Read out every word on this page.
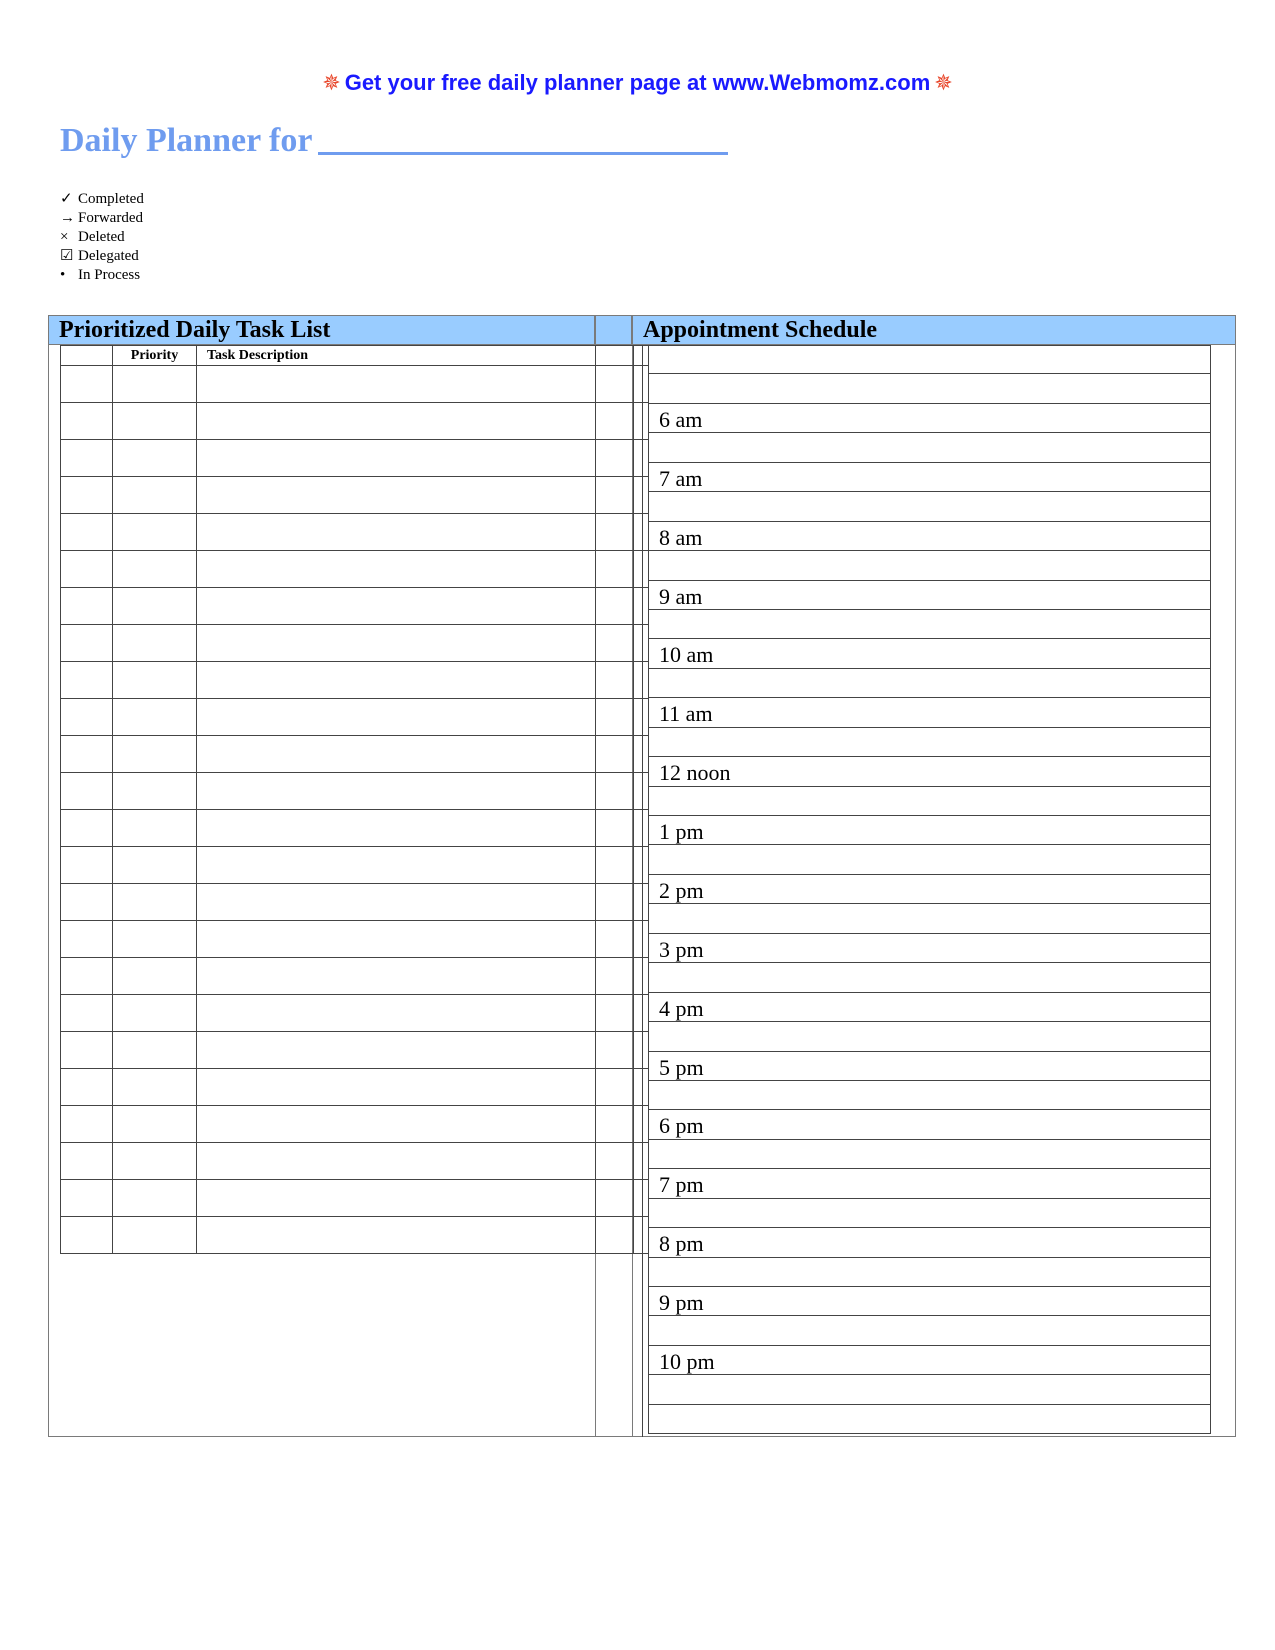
✵ Get your free daily planner page at www.Webmomz.com ✵
Daily Planner for
✓ Completed
→ Forwarded
× Deleted
☑ Delegated
• In Process
Prioritized Daily Task List	Appointment Schedule
	Priority	Task Description		

6 am
7 am
8 am
9 am
10 am
11 am
12 noon
1 pm
2 pm
3 pm
4 pm
5 pm
6 pm
7 pm
8 pm
9 pm
10 pm
